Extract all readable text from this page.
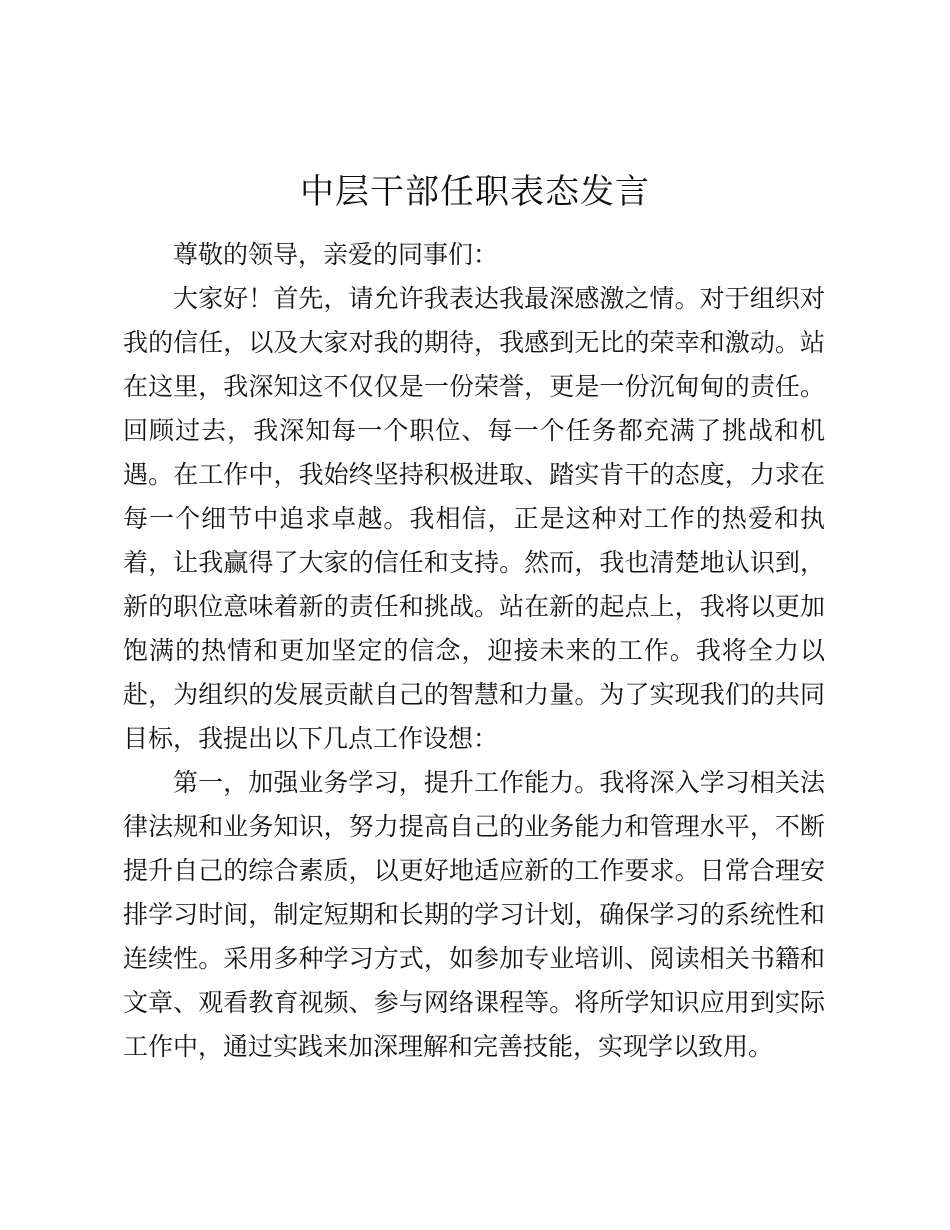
中层干部任职表态发言

尊敬的领导，亲爱的同事们：

大家好！首先，请允许我表达我最深感激之情。对于组织对我的信任，以及大家对我的期待，我感到无比的荣幸和激动。站在这里，我深知这不仅仅是一份荣誉，更是一份沉甸甸的责任。回顾过去，我深知每一个职位、每一个任务都充满了挑战和机遇。在工作中，我始终坚持积极进取、踏实肯干的态度，力求在每一个细节中追求卓越。我相信，正是这种对工作的热爱和执着，让我赢得了大家的信任和支持。然而，我也清楚地认识到，新的职位意味着新的责任和挑战。站在新的起点上，我将以更加饱满的热情和更加坚定的信念，迎接未来的工作。我将全力以赴，为组织的发展贡献自己的智慧和力量。为了实现我们的共同目标，我提出以下几点工作设想：

第一，加强业务学习，提升工作能力。我将深入学习相关法律法规和业务知识，努力提高自己的业务能力和管理水平，不断提升自己的综合素质，以更好地适应新的工作要求。日常合理安排学习时间，制定短期和长期的学习计划，确保学习的系统性和连续性。采用多种学习方式，如参加专业培训、阅读相关书籍和文章、观看教育视频、参与网络课程等。将所学知识应用到实际工作中，通过实践来加深理解和完善技能，实现学以致用。
